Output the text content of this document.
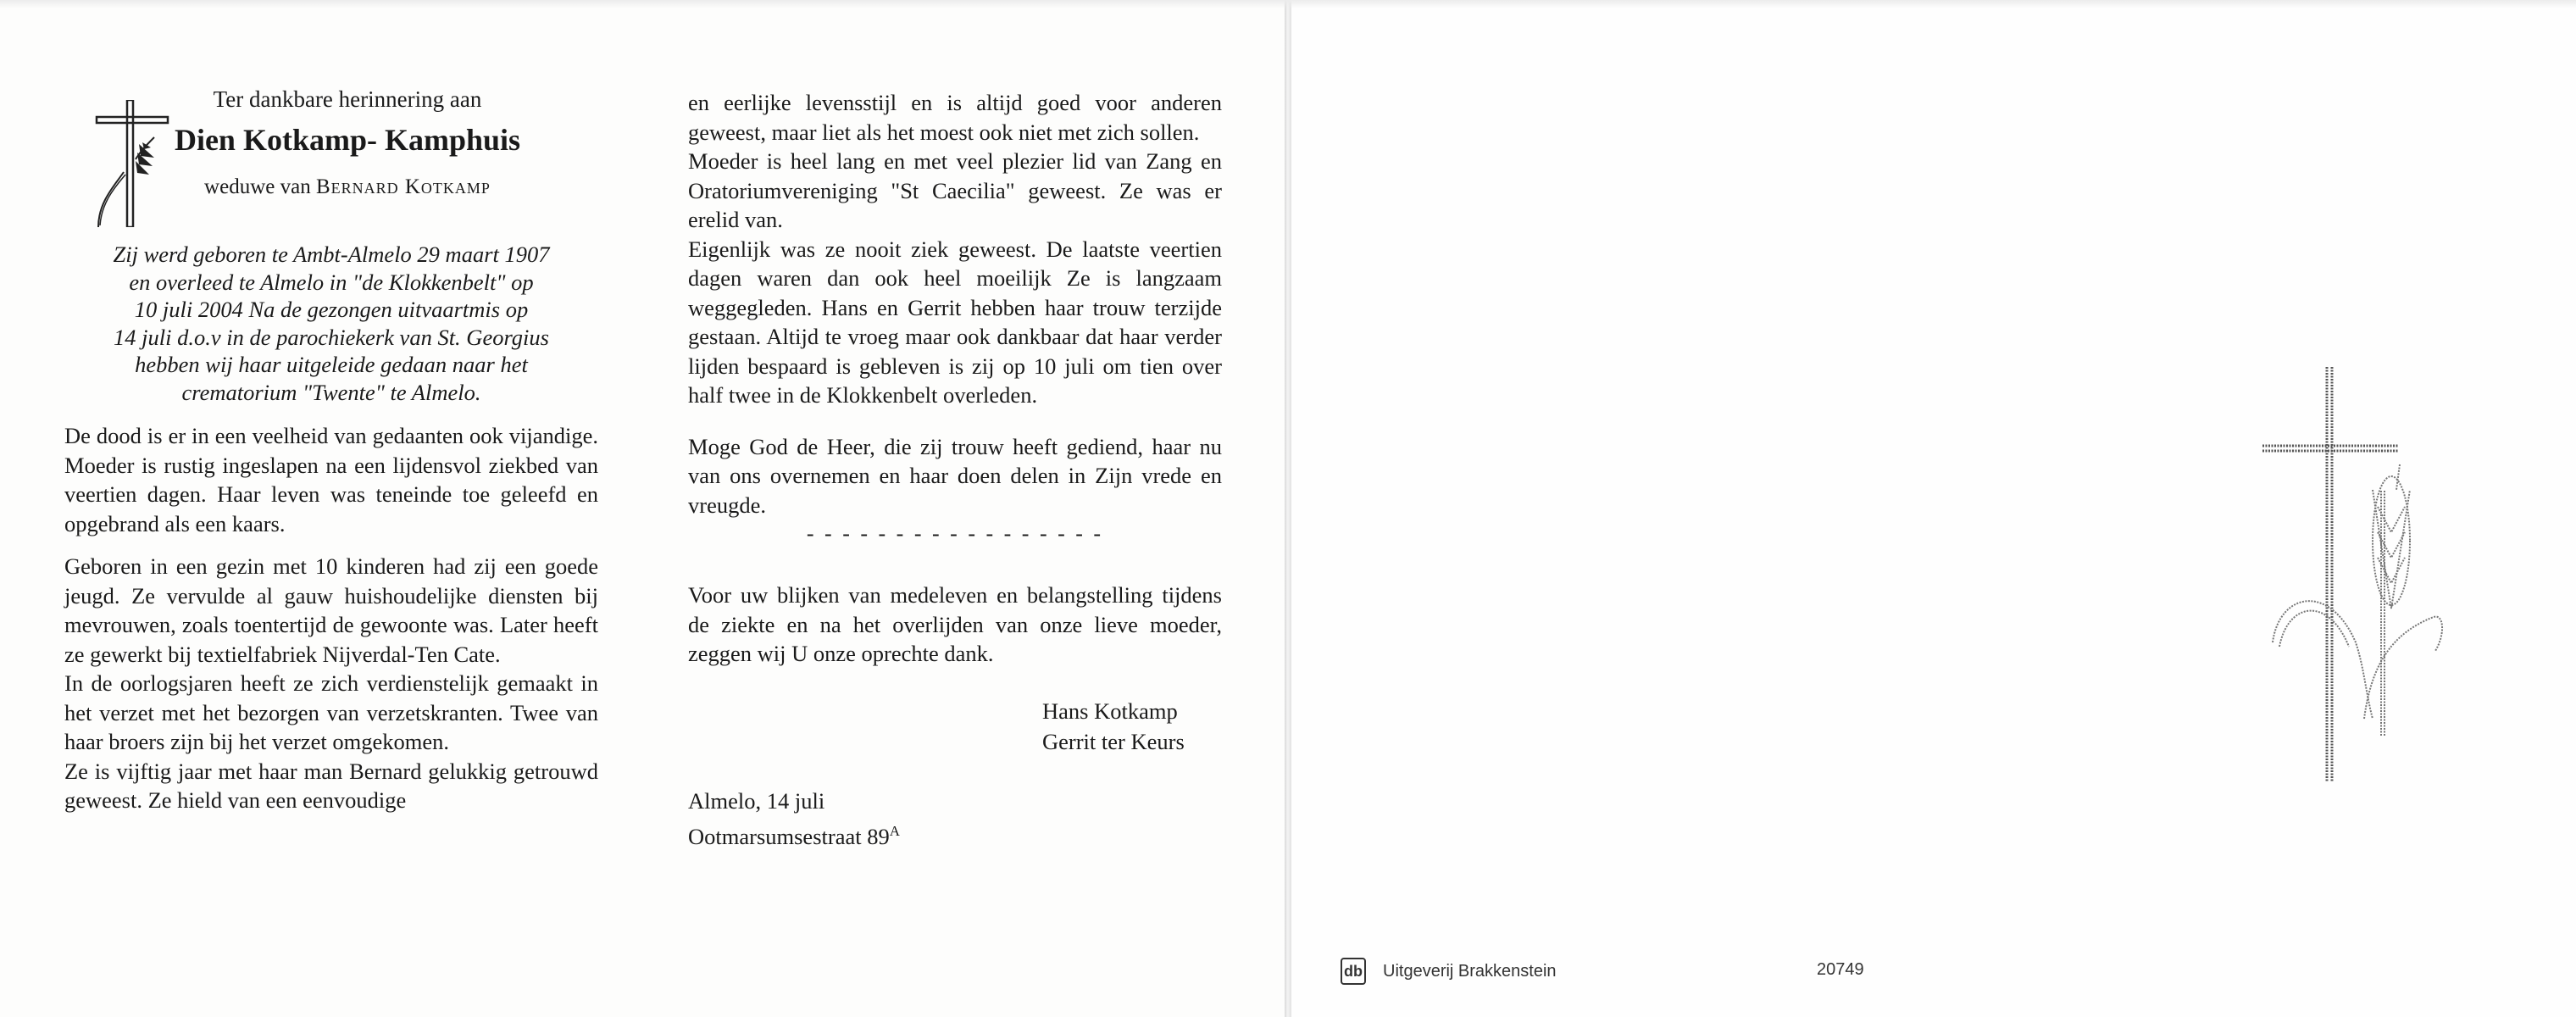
Ter dankbare herinnering aan
Dien Kotkamp- Kamphuis
weduwe van Bernard Kotkamp
Zij werd geboren te Ambt-Almelo 29 maart 1907
en overleed te Almelo in "de Klokkenbelt" op
10 juli 2004 Na de gezongen uitvaartmis op
14 juli d.o.v in de parochiekerk van St. Georgius
hebben wij haar uitgeleide gedaan naar het
crematorium "Twente" te Almelo.

De dood is er in een veelheid van gedaanten ook vijandige. Moeder is rustig ingeslapen na een lijdensvol ziekbed van veertien dagen. Haar leven was teneinde toe geleefd en opgebrand als een kaars.

Geboren in een gezin met 10 kinderen had zij een goede jeugd. Ze vervulde al gauw huishoudelijke diensten bij mevrouwen, zoals toentertijd de gewoonte was. Later heeft ze gewerkt bij textielfabriek Nijverdal-Ten Cate.

In de oorlogsjaren heeft ze zich verdienstelijk gemaakt in het verzet met het bezorgen van verzetskranten. Twee van haar broers zijn bij het verzet omgekomen.

Ze is vijftig jaar met haar man Bernard gelukkig getrouwd geweest. Ze hield van een eenvoudige

en eerlijke levensstijl en is altijd goed voor anderen geweest, maar liet als het moest ook niet met zich sollen.

Moeder is heel lang en met veel plezier lid van Zang en Oratoriumvereniging "St Caecilia" geweest. Ze was er erelid van.

Eigenlijk was ze nooit ziek geweest. De laatste veertien dagen waren dan ook heel moeilijk Ze is langzaam weggegleden. Hans en Gerrit hebben haar trouw terzijde gestaan. Altijd te vroeg maar ook dankbaar dat haar verder lijden bespaard is gebleven is zij op 10 juli om tien over half twee in de Klokkenbelt overleden.

Moge God de Heer, die zij trouw heeft gediend, haar nu van ons overnemen en haar doen delen in Zijn vrede en vreugde.

- - - - - - - - - - - - - - - - -
Voor uw blijken van medeleven en belangstelling tijdens de ziekte en na het overlijden van onze lieve moeder, zeggen wij U onze oprechte dank.
Hans Kotkamp
Gerrit ter Keurs
Almelo, 14 juli
Ootmarsumsestraat $89^A$
db Uitgeverij Brakkenstein	20749
